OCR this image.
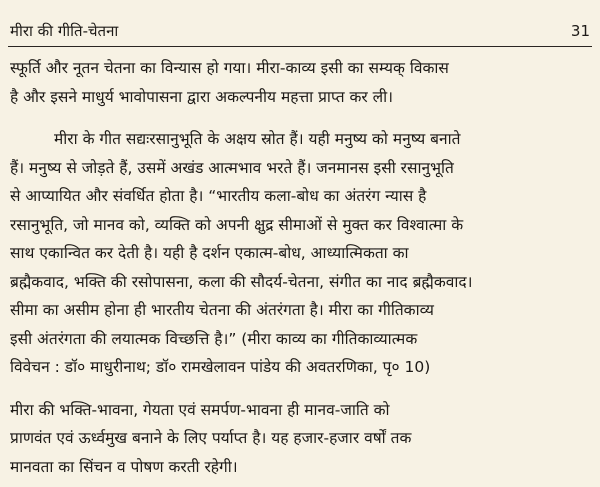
मीरा की गीति-चेतना	31

स्फूर्ति और नूतन चेतना का विन्यास हो गया। मीरा-काव्य इसी का सम्यक् विकास
है और इसने माधुर्य भावोपासना द्वारा अकल्पनीय महत्ता प्राप्त कर ली।

मीरा के गीत सद्यःरसानुभूति के अक्षय स्रोत हैं। यही मनुष्य को मनुष्य बनाते
हैं। मनुष्य से जोड़ते हैं, उसमें अखंड आत्मभाव भरते हैं। जनमानस इसी रसानुभूति
से आप्यायित और संवर्धित होता है। “भारतीय कला-बोध का अंतरंग न्यास है
रसानुभूति, जो मानव को, व्यक्ति को अपनी क्षुद्र सीमाओं से मुक्त कर विश्वात्मा के
साथ एकान्वित कर देती है। यही है दर्शन एकात्म-बोध, आध्यात्मिकता का
ब्रह्मैकवाद, भक्ति की रसोपासना, कला की सौदर्य-चेतना, संगीत का नाद ब्रह्मैकवाद।
सीमा का असीम होना ही भारतीय चेतना की अंतरंगता है। मीरा का गीतिकाव्य
इसी अंतरंगता की लयात्मक विच्छत्ति है।” (मीरा काव्य का गीतिकाव्यात्मक
विवेचन : डॉ० माधुरीनाथ; डॉ० रामखेलावन पांडेय की अवतरणिका, पृ० 10)

मीरा की भक्ति-भावना, गेयता एवं समर्पण-भावना ही मानव-जाति को
प्राणवंत एवं ऊर्ध्वमुख बनाने के लिए पर्याप्त है। यह हजार-हजार वर्षों तक
मानवता का सिंचन व पोषण करती रहेगी।
